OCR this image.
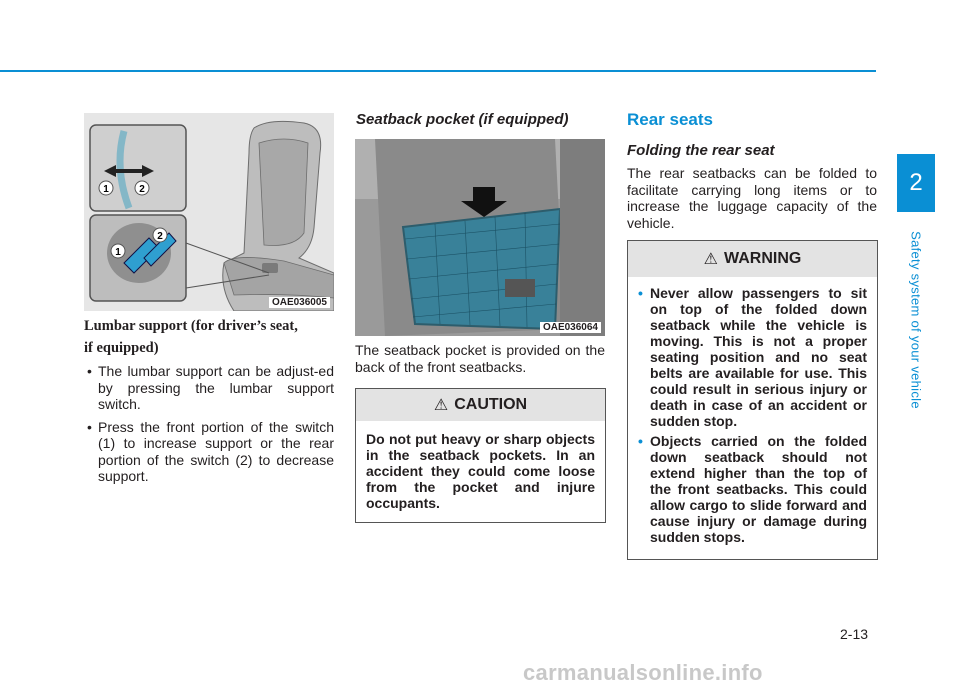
2
Safety system of your vehicle
1	2
1
2
OAE036005
Lumbar support (for driver’s seat,
if equipped)
• The lumbar support can be adjust-ed by pressing the lumbar support switch.
• Press the front portion of the switch (1) to increase support or the rear portion of the switch (2) to decrease support.
Seatback pocket (if equipped)
OAE036064

The seatback pocket is provided on the back of the front seatbacks.

⚠ CAUTION
Do not put heavy or sharp objects in the seatback pockets. In an accident they could come loose from the pocket and injure occupants.
Rear seats
Folding the rear seat

The rear seatbacks can be folded to facilitate carrying long items or to increase the luggage capacity of the vehicle.

⚠ WARNING
• Never allow passengers to sit on top of the folded down seatback while the vehicle is moving. This is not a proper seating position and no seat belts are available for use. This could result in serious injury or death in case of an accident or sudden stop.
• Objects carried on the folded down seatback should not extend higher than the top of the front seatbacks. This could allow cargo to slide forward and cause injury or damage during sudden stops.
2-13
carmanualsonline.info
